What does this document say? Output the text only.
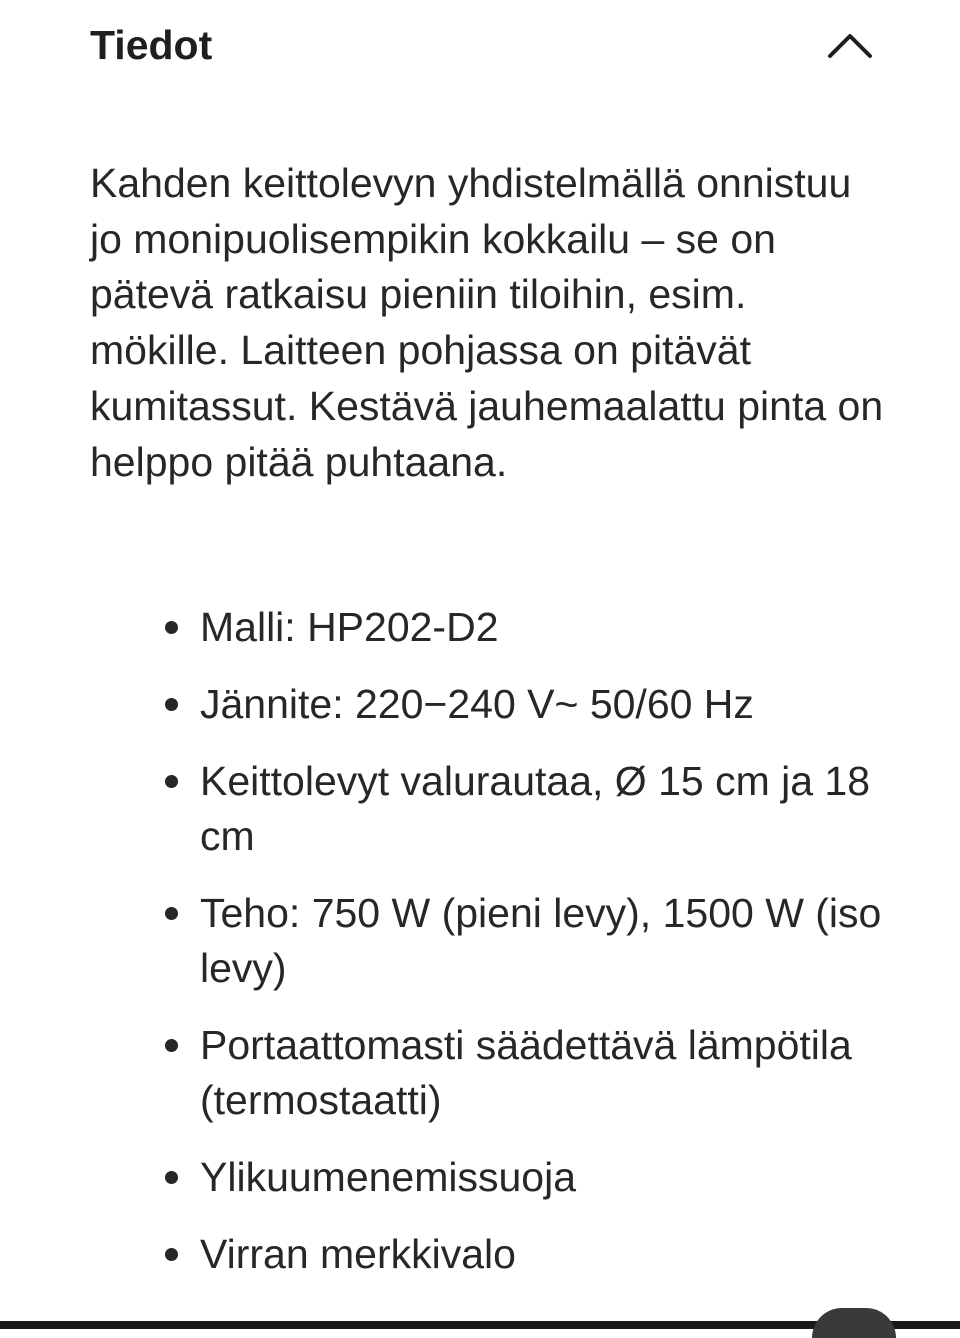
Tiedot

Kahden keittolevyn yhdistelmällä onnistuu jo monipuolisempikin kokkailu – se on pätevä ratkaisu pieniin tiloihin, esim. mökille. Laitteen pohjassa on pitävät kumitassut. Kestävä jauhemaalattu pinta on helppo pitää puhtaana.

Malli: HP202-D2
Jännite: 220−240 V~ 50/60 Hz
Keittolevyt valurautaa, Ø 15 cm ja 18 cm
Teho: 750 W (pieni levy), 1500 W (iso levy)
Portaattomasti säädettävä lämpötila (termostaatti)
Ylikuumenemissuoja
Virran merkkivalo
